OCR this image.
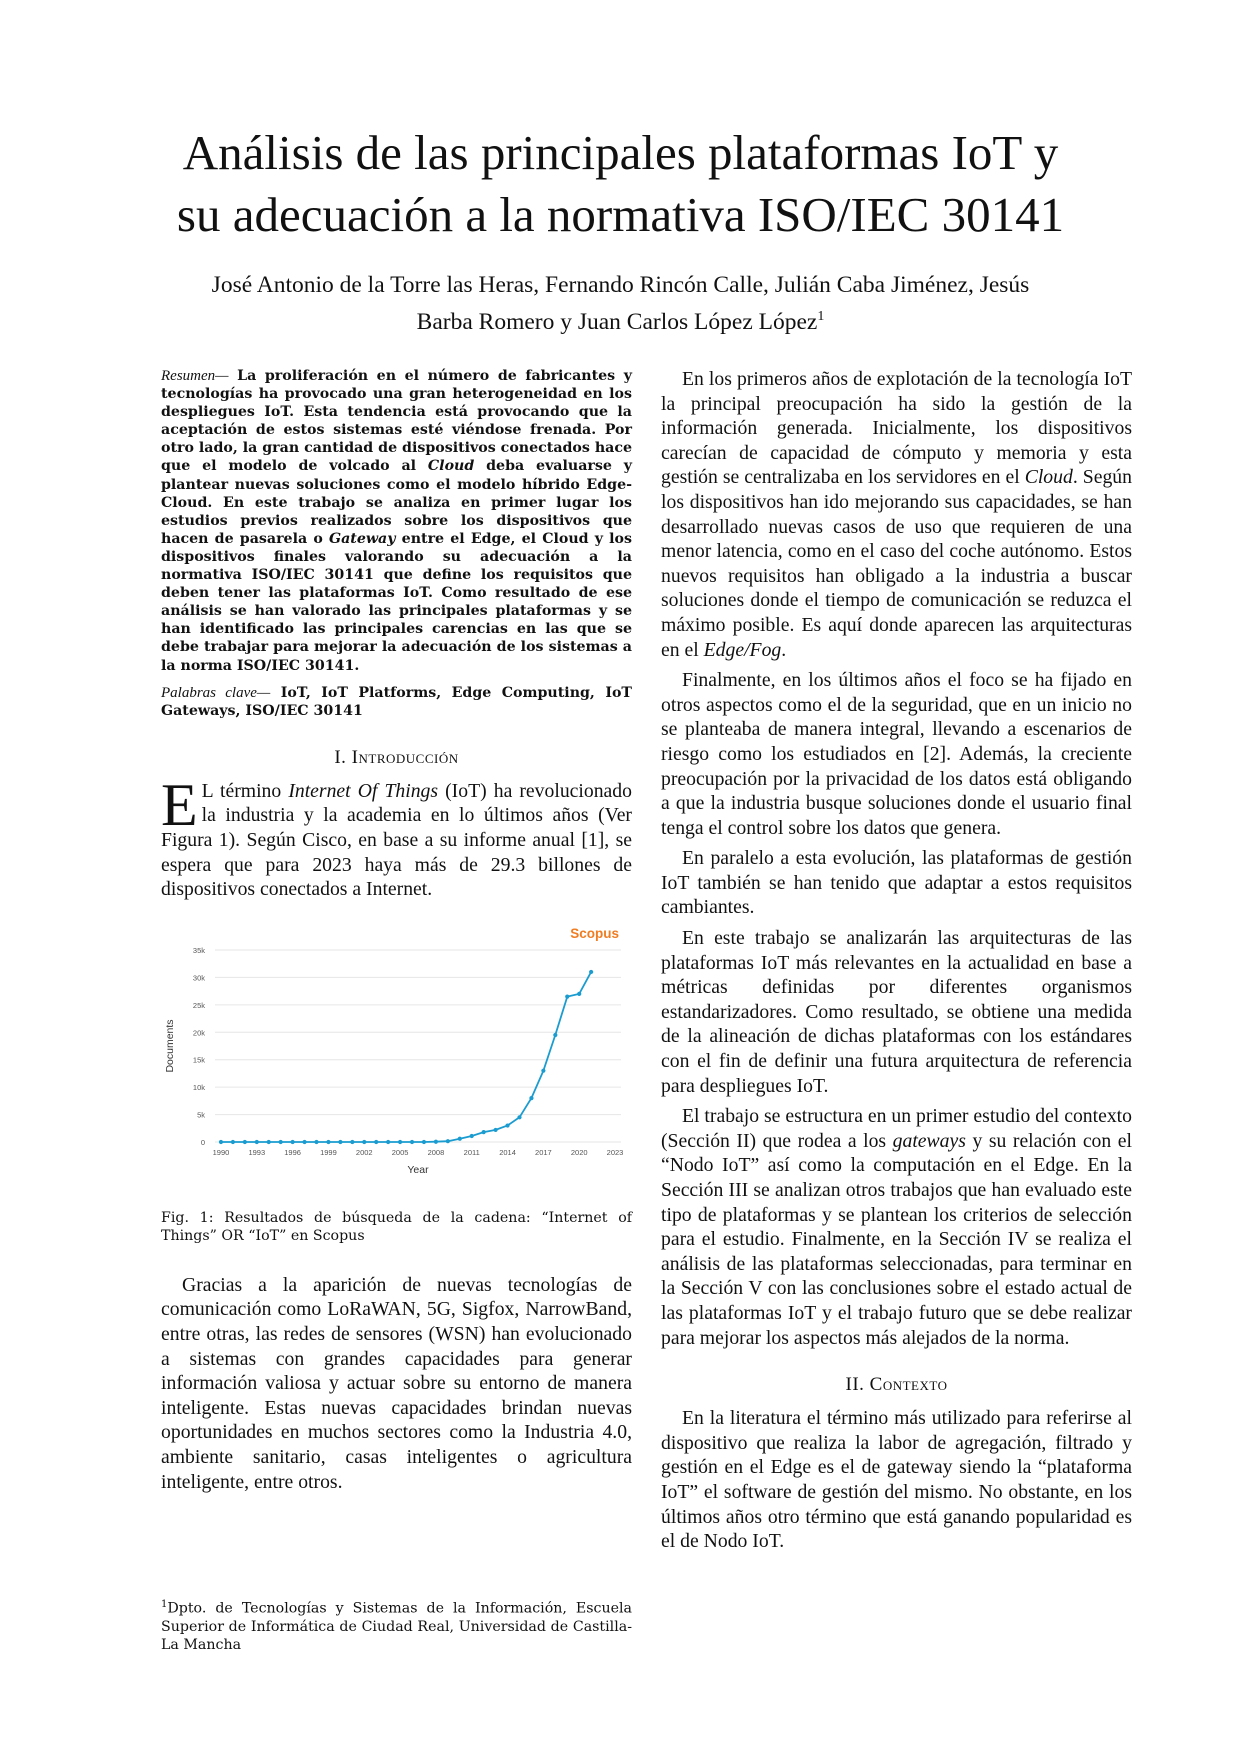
Análisis de las principales plataformas IoT y
su adecuación a la normativa ISO/IEC 30141
José Antonio de la Torre las Heras, Fernando Rincón Calle, Julián Caba Jiménez, Jesús
Barba Romero y Juan Carlos López López$^1$

Resumen— La proliferación en el número de fabricantes y tecnologías ha provocado una gran heterogeneidad en los despliegues IoT. Esta tendencia está provocando que la aceptación de estos sistemas esté viéndose frenada. Por otro lado, la gran cantidad de dispositivos conectados hace que el modelo de volcado al Cloud deba evaluarse y plantear nuevas soluciones como el modelo híbrido Edge-Cloud. En este trabajo se analiza en primer lugar los estudios previos realizados sobre los dispositivos que hacen de pasarela o Gateway entre el Edge, el Cloud y los dispositivos finales valorando su adecuación a la normativa ISO/IEC 30141 que define los requisitos que deben tener las plataformas IoT. Como resultado de ese análisis se han valorado las principales plataformas y se han identificado las principales carencias en las que se debe trabajar para mejorar la adecuación de los sistemas a la norma ISO/IEC 30141.

Palabras clave— IoT, IoT Platforms, Edge Computing, IoT Gateways, ISO/IEC 30141

I. Introducción

E L término Internet Of Things (IoT) ha revolucionado la industria y la academia en lo últimos años (Ver Figura 1). Según Cisco, en base a su informe anual [1], se espera que para 2023 haya más de 29.3 billones de dispositivos conectados a Internet.

0
5k
10k
15k
20k
25k
30k
35k
1990	1993	1996	1999	2002	2005	2008	2011	2014	2017	2020	2023
Year
Documents
Scopus
Fig. 1: Resultados de búsqueda de la cadena: “Internet of Things” OR “IoT” en Scopus

Gracias a la aparición de nuevas tecnologías de comunicación como LoRaWAN, 5G, Sigfox, NarrowBand, entre otras, las redes de sensores (WSN) han evolucionado a sistemas con grandes capacidades para generar información valiosa y actuar sobre su entorno de manera inteligente. Estas nuevas capacidades brindan nuevas oportunidades en muchos sectores como la Industria 4.0, ambiente sanitario, casas inteligentes o agricultura inteligente, entre otros.

$^1$Dpto. de Tecnologías y Sistemas de la Información, Escuela Superior de Informática de Ciudad Real, Universidad de Castilla-La Mancha

En los primeros años de explotación de la tecnología IoT la principal preocupación ha sido la gestión de la información generada. Inicialmente, los dispositivos carecían de capacidad de cómputo y memoria y esta gestión se centralizaba en los servidores en el Cloud. Según los dispositivos han ido mejorando sus capacidades, se han desarrollado nuevas casos de uso que requieren de una menor latencia, como en el caso del coche autónomo. Estos nuevos requisitos han obligado a la industria a buscar soluciones donde el tiempo de comunicación se reduzca el máximo posible. Es aquí donde aparecen las arquitecturas en el Edge/Fog.

Finalmente, en los últimos años el foco se ha fijado en otros aspectos como el de la seguridad, que en un inicio no se planteaba de manera integral, llevando a escenarios de riesgo como los estudiados en [2]. Además, la creciente preocupación por la privacidad de los datos está obligando a que la industria busque soluciones donde el usuario final tenga el control sobre los datos que genera.

En paralelo a esta evolución, las plataformas de gestión IoT también se han tenido que adaptar a estos requisitos cambiantes.

En este trabajo se analizarán las arquitecturas de las plataformas IoT más relevantes en la actualidad en base a métricas definidas por diferentes organismos estandarizadores. Como resultado, se obtiene una medida de la alineación de dichas plataformas con los estándares con el fin de definir una futura arquitectura de referencia para despliegues IoT.

El trabajo se estructura en un primer estudio del contexto (Sección II) que rodea a los gateways y su relación con el “Nodo IoT” así como la computación en el Edge. En la Sección III se analizan otros trabajos que han evaluado este tipo de plataformas y se plantean los criterios de selección para el estudio. Finalmente, en la Sección IV se realiza el análisis de las plataformas seleccionadas, para terminar en la Sección V con las conclusiones sobre el estado actual de las plataformas IoT y el trabajo futuro que se debe realizar para mejorar los aspectos más alejados de la norma.

II. Contexto

En la literatura el término más utilizado para referirse al dispositivo que realiza la labor de agregación, filtrado y gestión en el Edge es el de gateway siendo la “plataforma IoT” el software de gestión del mismo. No obstante, en los últimos años otro término que está ganando popularidad es el de Nodo IoT.
